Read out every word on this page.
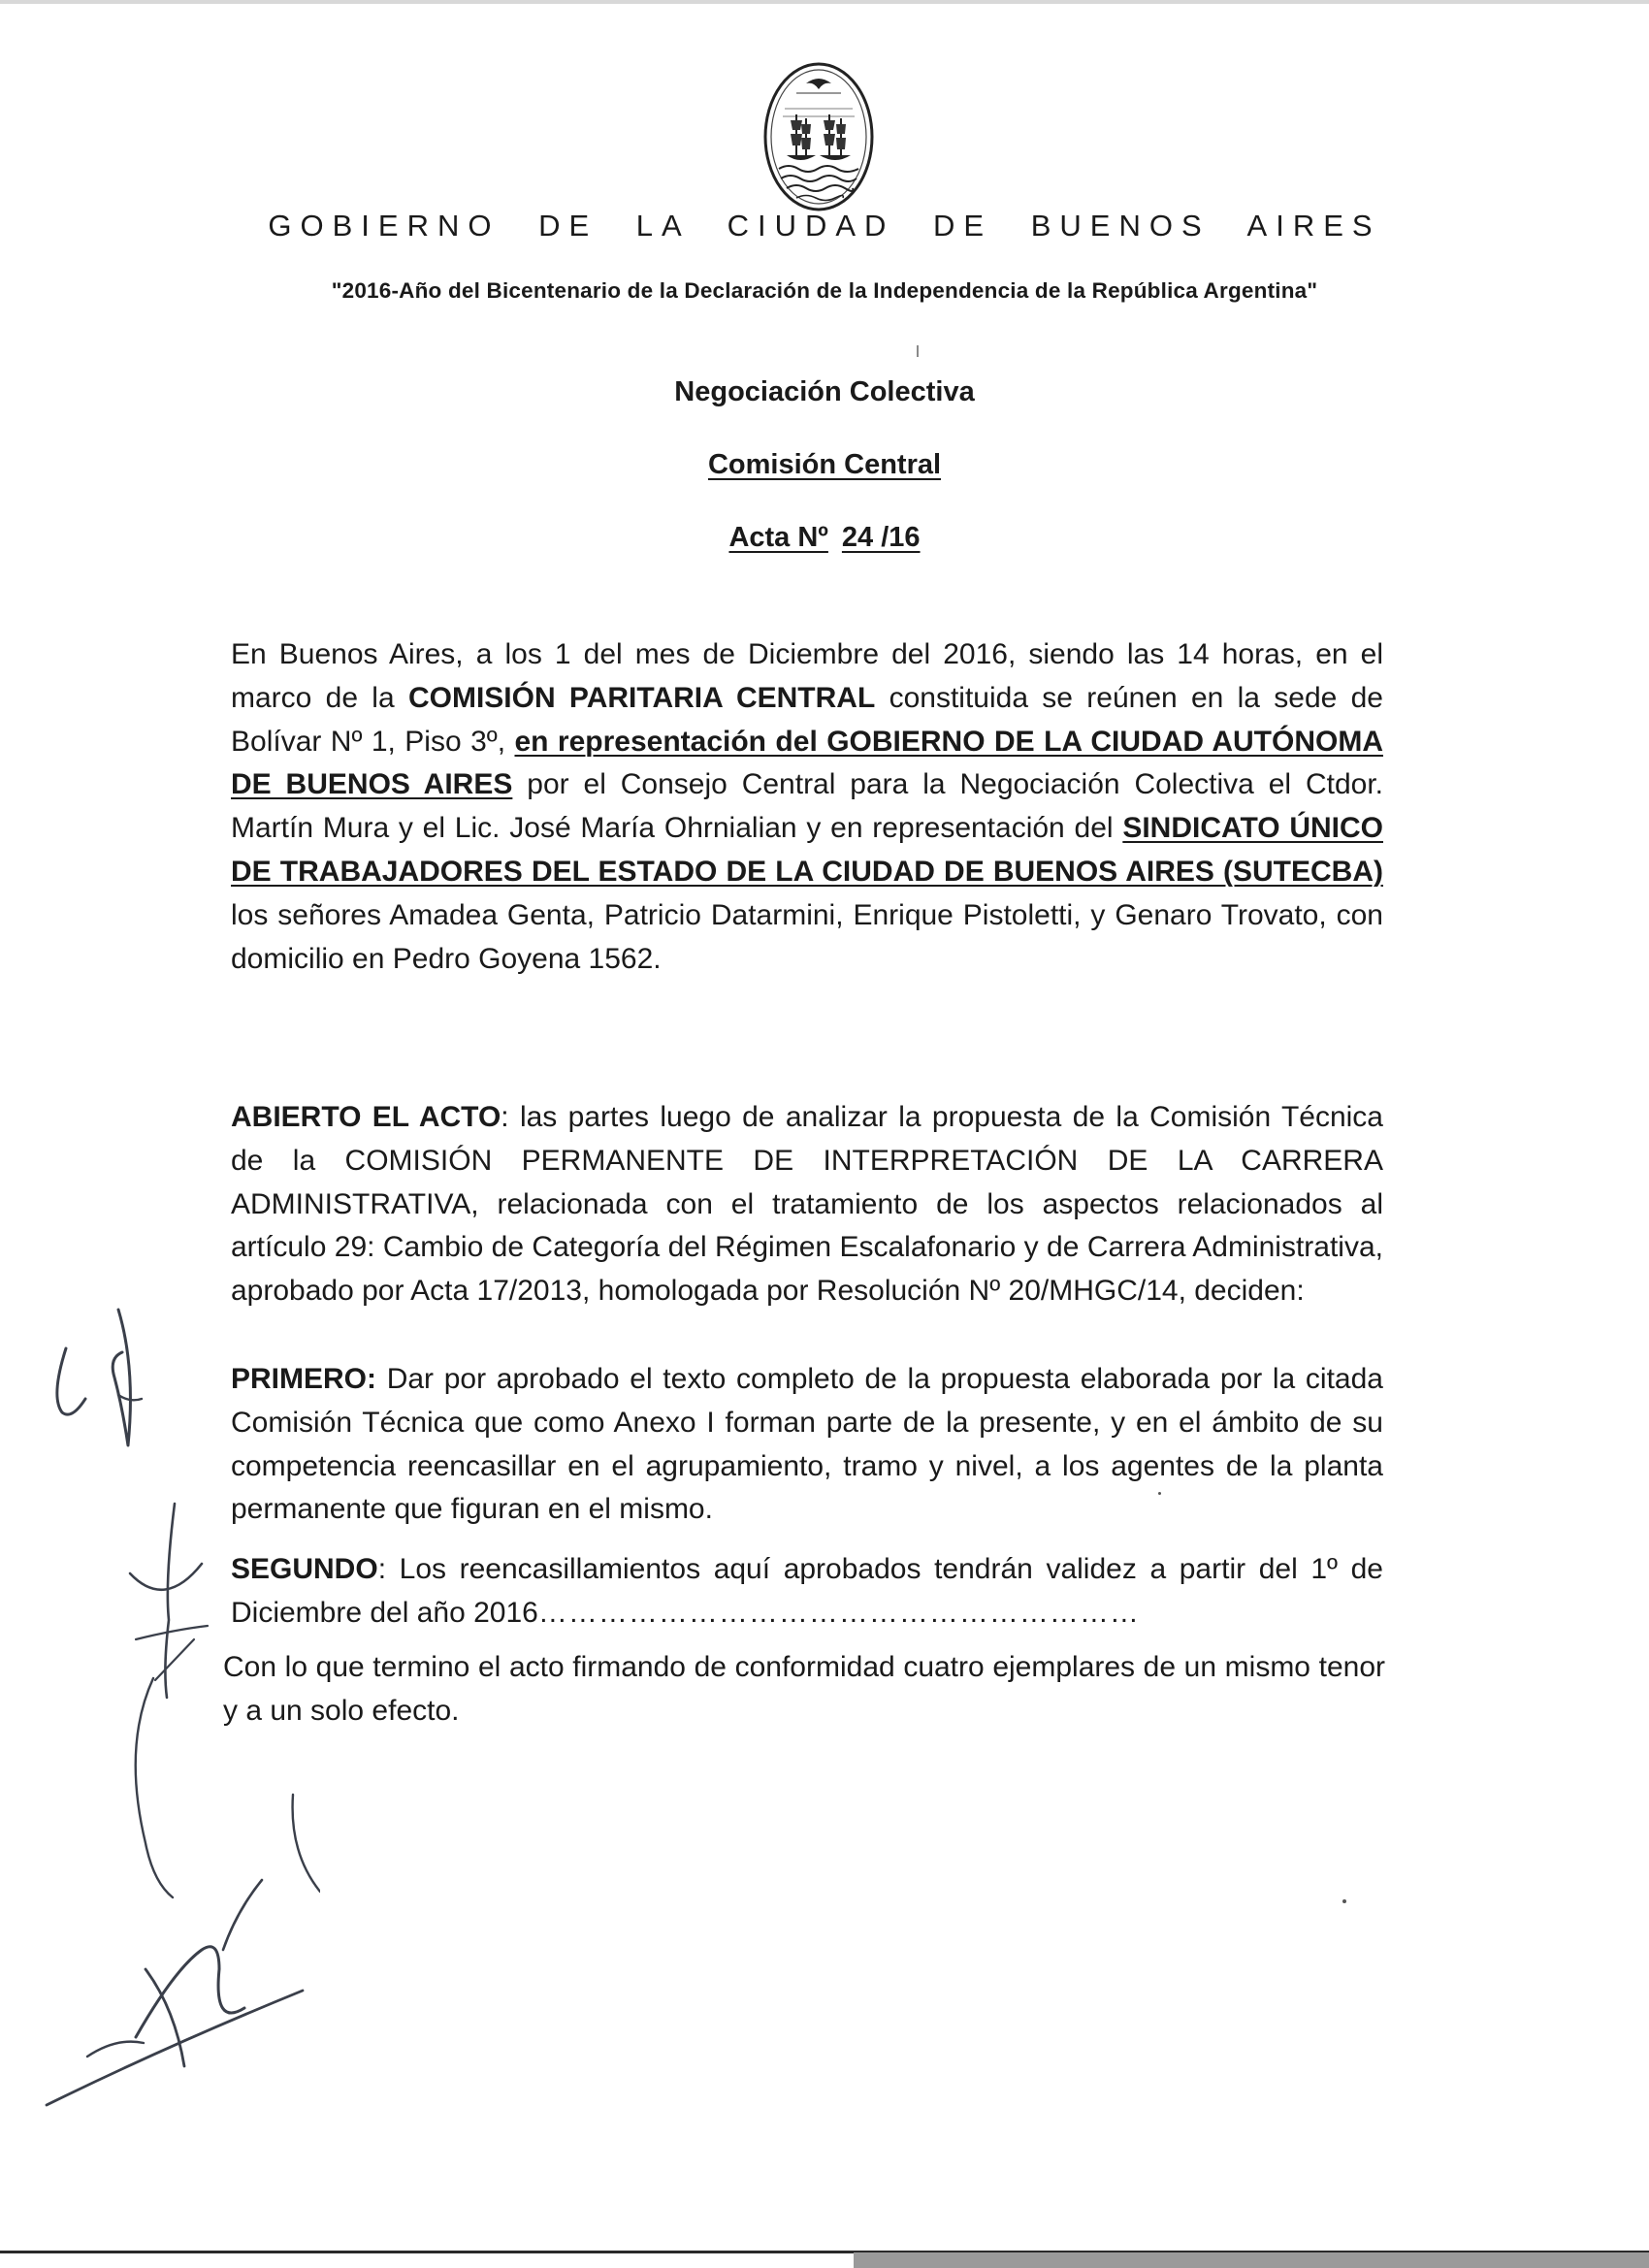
GOBIERNO DE LA CIUDAD DE BUENOS AIRES
"2016-Año del Bicentenario de la Declaración de la Independencia de la República Argentina"
Negociación Colectiva
Comisión Central
Acta Nº 24 /16

En Buenos Aires, a los 1 del mes de Diciembre del 2016, siendo las 14 horas, en el marco de la COMISIÓN PARITARIA CENTRAL constituida se reúnen en la sede de Bolívar Nº 1, Piso 3º, en representación del GOBIERNO DE LA CIUDAD AUTÓNOMA DE BUENOS AIRES por el Consejo Central para la Negociación Colectiva el Ctdor. Martín Mura y el Lic. José María Ohrnialian y en representación del SINDICATO ÚNICO DE TRABAJADORES DEL ESTADO DE LA CIUDAD DE BUENOS AIRES (SUTECBA) los señores Amadea Genta, Patricio Datarmini, Enrique Pistoletti, y Genaro Trovato, con domicilio en Pedro Goyena 1562.

ABIERTO EL ACTO: las partes luego de analizar la propuesta de la Comisión Técnica de la COMISIÓN PERMANENTE DE INTERPRETACIÓN DE LA CARRERA ADMINISTRATIVA, relacionada con el tratamiento de los aspectos relacionados al artículo 29: Cambio de Categoría del Régimen Escalafonario y de Carrera Administrativa, aprobado por Acta 17/2013, homologada por Resolución Nº 20/MHGC/14, deciden:

PRIMERO: Dar por aprobado el texto completo de la propuesta elaborada por la citada Comisión Técnica que como Anexo I forman parte de la presente, y en el ámbito de su competencia reencasillar en el agrupamiento, tramo y nivel, a los agentes de la planta permanente que figuran en el mismo.

SEGUNDO: Los reencasillamientos aquí aprobados tendrán validez a partir del 1º de Diciembre del año 2016……………………………………………………

Con lo que termino el acto firmando de conformidad cuatro ejemplares de un mismo tenor y a un solo efecto.
